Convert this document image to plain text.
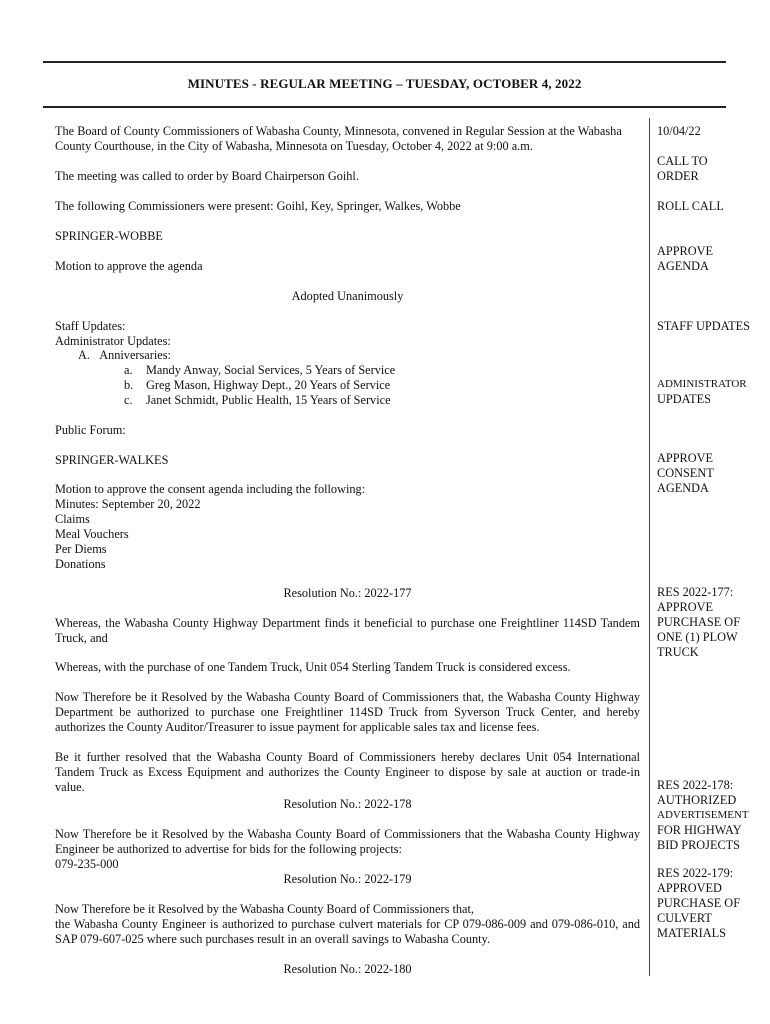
MINUTES - REGULAR MEETING – TUESDAY, OCTOBER 4, 2022
The Board of County Commissioners of Wabasha County, Minnesota, convened in Regular Session at the Wabasha
County Courthouse, in the City of Wabasha, Minnesota on Tuesday, October 4, 2022 at 9:00 a.m.
The meeting was called to order by Board Chairperson Goihl.
The following Commissioners were present: Goihl, Key, Springer, Walkes, Wobbe
SPRINGER-WOBBE
Motion to approve the agenda
Adopted Unanimously
Staff Updates:
Administrator Updates:
A. Anniversaries:
a. Mandy Anway, Social Services, 5 Years of Service
b. Greg Mason, Highway Dept., 20 Years of Service
c. Janet Schmidt, Public Health, 15 Years of Service
Public Forum:
SPRINGER-WALKES
Motion to approve the consent agenda including the following:
Minutes: September 20, 2022
Claims
Meal Vouchers
Per Diems
Donations
Resolution No.: 2022-177
Whereas, the Wabasha County Highway Department finds it beneficial to purchase one Freightliner 114SD Tandem Truck, and
Whereas, with the purchase of one Tandem Truck, Unit 054 Sterling Tandem Truck is considered excess.
Now Therefore be it Resolved by the Wabasha County Board of Commissioners that, the Wabasha County Highway Department be authorized to purchase one Freightliner 114SD Truck from Syverson Truck Center, and hereby authorizes the County Auditor/Treasurer to issue payment for applicable sales tax and license fees.
Be it further resolved that the Wabasha County Board of Commissioners hereby declares Unit 054 International Tandem Truck as Excess Equipment and authorizes the County Engineer to dispose by sale at auction or trade-in value.
Resolution No.: 2022-178
Now Therefore be it Resolved by the Wabasha County Board of Commissioners that the Wabasha County Highway Engineer be authorized to advertise for bids for the following projects:
079-235-000
Resolution No.: 2022-179
Now Therefore be it Resolved by the Wabasha County Board of Commissioners that,
the Wabasha County Engineer is authorized to purchase culvert materials for CP 079-086-009 and 079-086-010, and SAP 079-607-025 where such purchases result in an overall savings to Wabasha County.
Resolution No.: 2022-180
10/04/22
CALL TO
ORDER
ROLL CALL
APPROVE
AGENDA
STAFF UPDATES
ADMINISTRATOR
UPDATES
APPROVE
CONSENT
AGENDA
RES 2022-177:
APPROVE
PURCHASE OF
ONE (1) PLOW
TRUCK
RES 2022-178:
AUTHORIZED
ADVERTISEMENT
FOR HIGHWAY
BID PROJECTS
RES 2022-179:
APPROVED
PURCHASE OF
CULVERT
MATERIALS
